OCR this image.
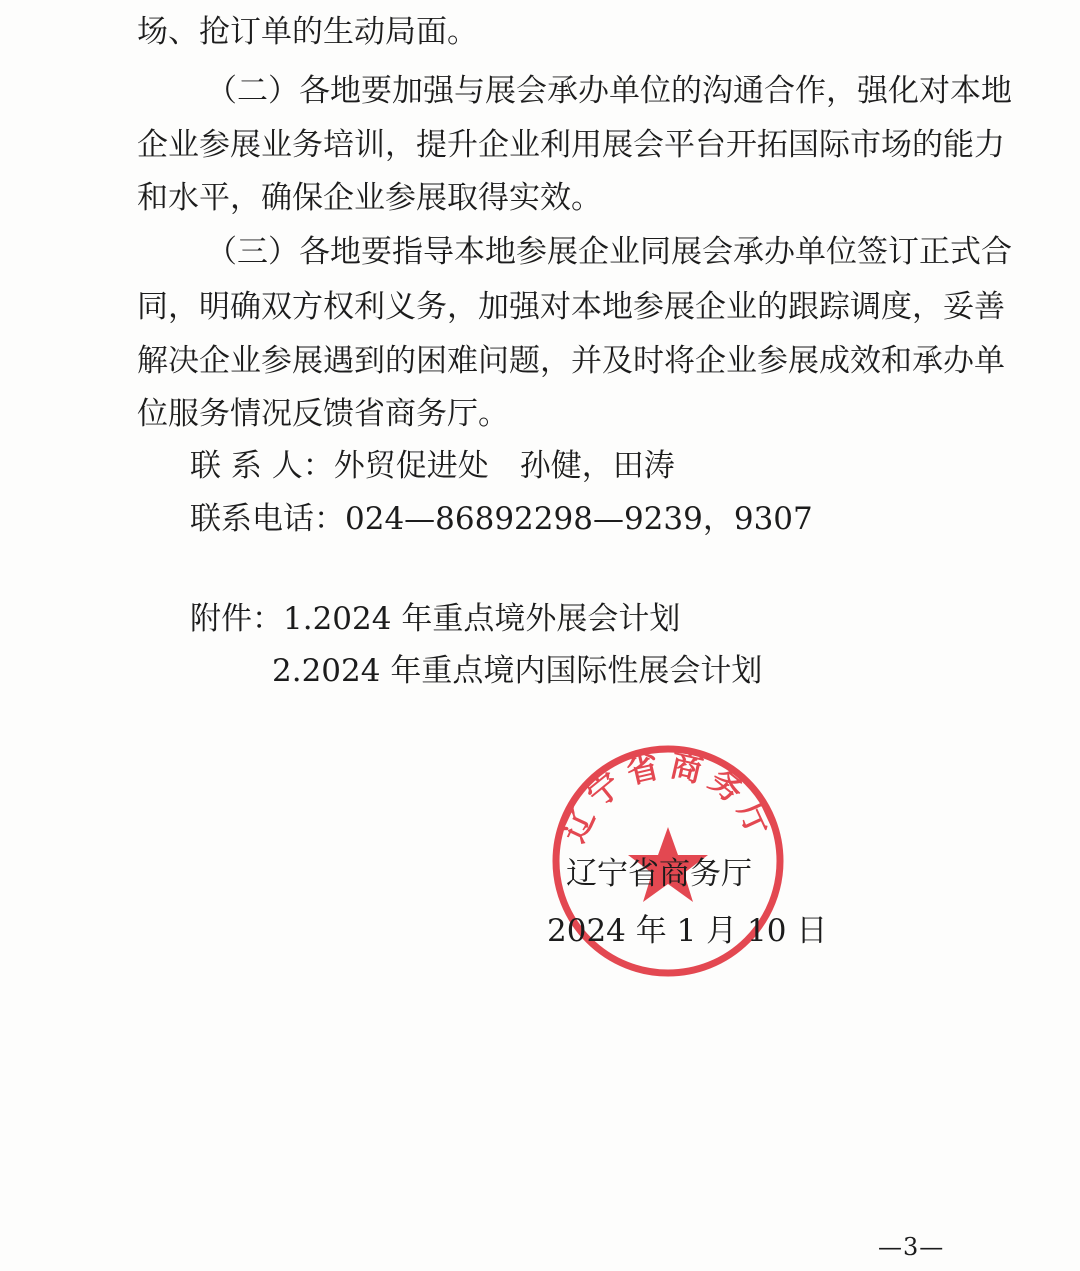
场、抢订单的生动局面。
（二）各地要加强与展会承办单位的沟通合作，强化对本地
企业参展业务培训，提升企业利用展会平台开拓国际市场的能力
和水平，确保企业参展取得实效。
（三）各地要指导本地参展企业同展会承办单位签订正式合
同，明确双方权利义务，加强对本地参展企业的跟踪调度，妥善
解决企业参展遇到的困难问题，并及时将企业参展成效和承办单
位服务情况反馈省商务厅。
联 系 人：外贸促进处　孙健，田涛
联系电话：024—86892298—9239，9307
附件：1.2024 年重点境外展会计划
2.2024 年重点境内国际性展会计划
辽宁省商务厅
辽宁省商务厅
2024 年 1 月 10 日
—3—
